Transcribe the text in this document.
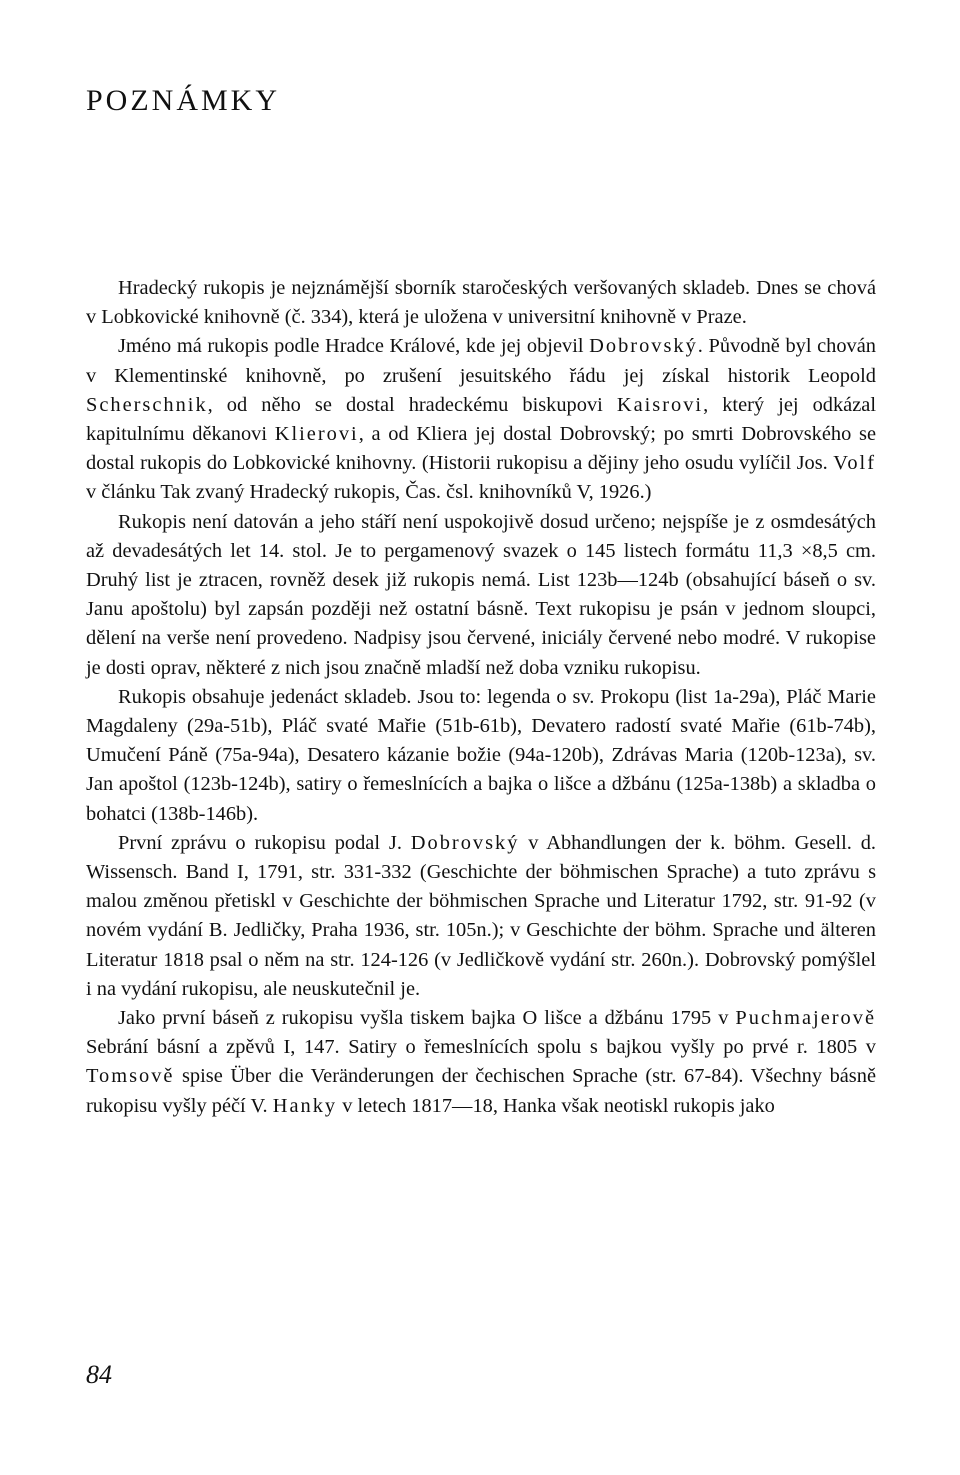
POZNÁMKY

Hradecký rukopis je nejznámější sborník staročeských veršovaných skladeb. Dnes se chová v Lobkovické knihovně (č. 334), která je uložena v universitní knihovně v Praze.

Jméno má rukopis podle Hradce Králové, kde jej objevil Dobrovský. Původně byl chován v Klementinské knihovně, po zrušení jesuitského řádu jej získal historik Leopold Scherschnik, od něho se dostal hradeckému biskupovi Kaisrovi, který jej odkázal kapitulnímu děkanovi Klierovi, a od Kliera jej dostal Dobrovský; po smrti Dobrovského se dostal rukopis do Lobkovické knihovny. (Historii rukopisu a dějiny jeho osudu vylíčil Jos. Volf v článku Tak zvaný Hradecký rukopis, Čas. čsl. knihovníků V, 1926.)

Rukopis není datován a jeho stáří není uspokojivě dosud určeno; nejspíše je z osmdesátých až devadesátých let 14. stol. Je to pergamenový svazek o 145 listech formátu 11,3 ×8,5 cm. Druhý list je ztracen, rovněž desek již rukopis nemá. List 123b—124b (obsahující báseň o sv. Janu apoštolu) byl zapsán později než ostatní básně. Text rukopisu je psán v jednom sloupci, dělení na verše není provedeno. Nadpisy jsou červené, iniciály červené nebo modré. V rukopise je dosti oprav, některé z nich jsou značně mladší než doba vzniku rukopisu.

Rukopis obsahuje jedenáct skladeb. Jsou to: legenda o sv. Prokopu (list 1a-29a), Pláč Marie Magdaleny (29a-51b), Pláč svaté Mařie (51b-61b), Devatero radostí svaté Mařie (61b-74b), Umučení Páně (75a-94a), Desatero kázanie božie (94a-120b), Zdrávas Maria (120b-123a), sv. Jan apoštol (123b-124b), satiry o řemeslnících a bajka o lišce a džbánu (125a-138b) a skladba o bohatci (138b-146b).

První zprávu o rukopisu podal J. Dobrovský v Abhandlungen der k. böhm. Gesell. d. Wissensch. Band I, 1791, str. 331-332 (Geschichte der böhmischen Sprache) a tuto zprávu s malou změnou přetiskl v Geschichte der böhmischen Sprache und Literatur 1792, str. 91-92 (v novém vydání B. Jedličky, Praha 1936, str. 105n.); v Geschichte der böhm. Sprache und älteren Literatur 1818 psal o něm na str. 124-126 (v Jedličkově vydání str. 260n.). Dobrovský pomýšlel i na vydání rukopisu, ale neuskutečnil je.

Jako první báseň z rukopisu vyšla tiskem bajka O lišce a džbánu 1795 v Puchmajerově Sebrání básní a zpěvů I, 147. Satiry o řemeslnících spolu s bajkou vyšly po prvé r. 1805 v Tomsově spise Über die Veränderungen der čechischen Sprache (str. 67-84). Všechny básně rukopisu vyšly péčí V. Hanky v letech 1817—18, Hanka však neotiskl rukopis jako

84
